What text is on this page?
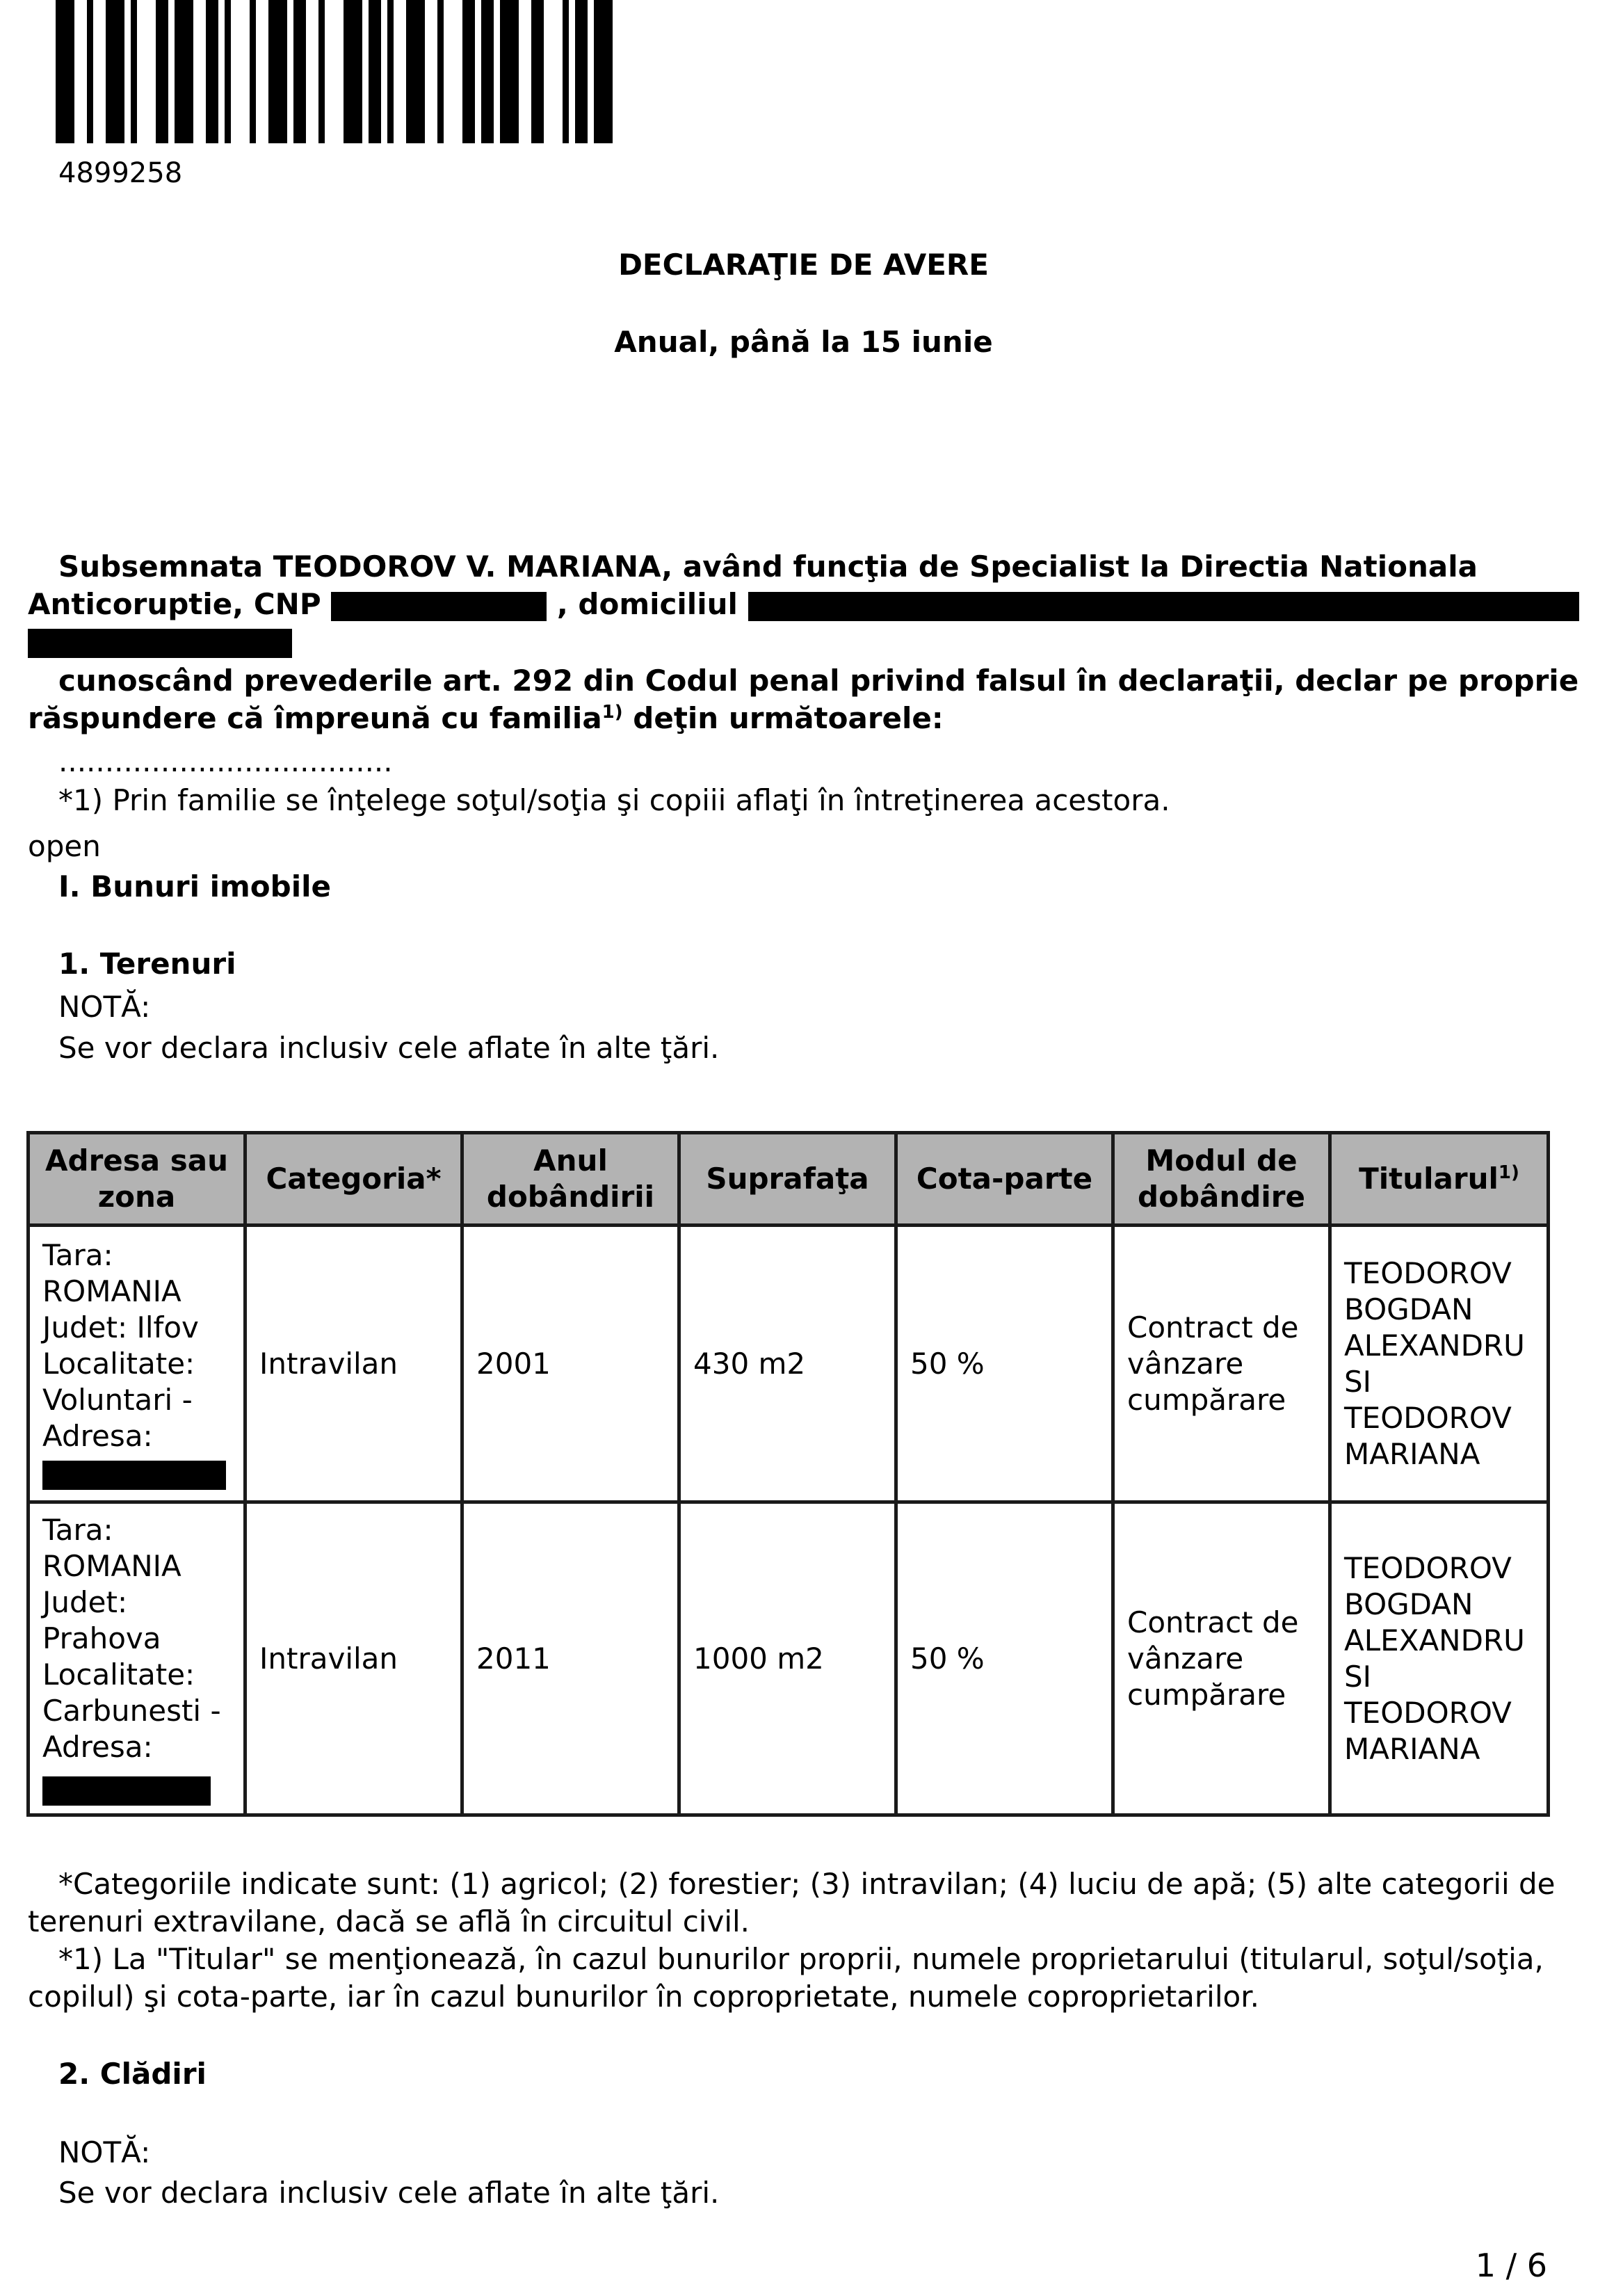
4899258
DECLARAŢIE DE AVERE
Anual, până la 15 iunie
Subsemnata TEODOROV V. MARIANA, având funcţia de Specialist la Directia Nationala
Anticoruptie, CNP	, domiciliul
cunoscând prevederile art. 292 din Codul penal privind falsul în declaraţii, declar pe proprie
răspundere că împreună cu familia$^{1)}$ deţin următoarele:
....................................
*1) Prin familie se înţelege soţul/soţia şi copiii aflaţi în întreţinerea acestora.
open
I. Bunuri imobile
1. Terenuri
NOTĂ:
Se vor declara inclusiv cele aflate în alte ţări.
Adresa sau zona	Categoria*	Anul dobândirii	Suprafaţa	Cota-parte	Modul de dobândire	Titularul$^{1)}$

Tara: ROMANIA Judet: Ilfov Localitate: Voluntari - Adresa:	Intravilan	2001	430 m2	50 %	Contract de vânzare cumpărare	TEODOROV BOGDAN ALEXANDRU SI TEODOROV MARIANA

Tara: ROMANIA Judet: Prahova Localitate: Carbunesti - Adresa:	Intravilan	2011	1000 m2	50 %	Contract de vânzare cumpărare	TEODOROV BOGDAN ALEXANDRU SI TEODOROV MARIANA
*Categoriile indicate sunt: (1) agricol; (2) forestier; (3) intravilan; (4) luciu de apă; (5) alte categorii de
terenuri extravilane, dacă se află în circuitul civil.
*1) La "Titular" se menţionează, în cazul bunurilor proprii, numele proprietarului (titularul, soţul/soţia,
copilul) şi cota-parte, iar în cazul bunurilor în coproprietate, numele coproprietarilor.
2. Clădiri
NOTĂ:
Se vor declara inclusiv cele aflate în alte ţări.
1 / 6
